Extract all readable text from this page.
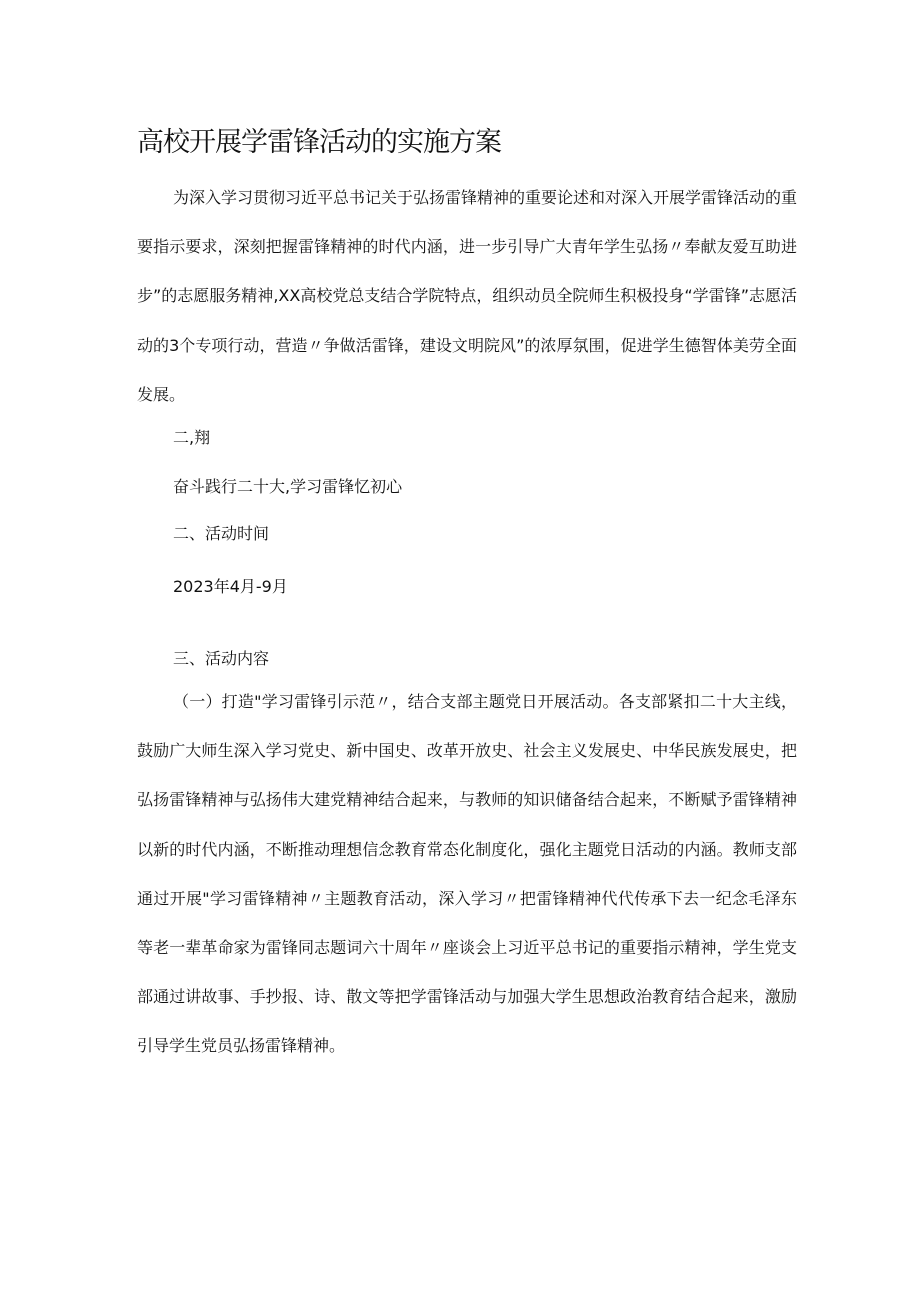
高校开展学雷锋活动的实施方案

为深入学习贯彻习近平总书记关于弘扬雷锋精神的重要论述和对深入开展学雷锋活动的重要指示要求，深刻把握雷锋精神的时代内涵，进一步引导广大青年学生弘扬〃奉献友爱互助进步”的志愿服务精神,XX高校党总支结合学院特点，组织动员全院师生积极投身“学雷锋”志愿活动的3个专项行动，营造〃争做活雷锋，建设文明院风”的浓厚氛围，促进学生德智体美劳全面发展。

二,翔

奋斗践行二十大,学习雷锋忆初心

二、活动时间

2023年4月-9月

三、活动内容

（一）打造"学习雷锋引示范〃，结合支部主题党日开展活动。各支部紧扣二十大主线，鼓励广大师生深入学习党史、新中国史、改革开放史、社会主义发展史、中华民族发展史，把弘扬雷锋精神与弘扬伟大建党精神结合起来，与教师的知识储备结合起来，不断赋予雷锋精神以新的时代内涵，不断推动理想信念教育常态化制度化，强化主题党日活动的内涵。教师支部通过开展"学习雷锋精神〃主题教育活动，深入学习〃把雷锋精神代代传承下去一纪念毛泽东等老一辈革命家为雷锋同志题词六十周年〃座谈会上习近平总书记的重要指示精神，学生党支部通过讲故事、手抄报、诗、散文等把学雷锋活动与加强大学生思想政治教育结合起来，激励引导学生党员弘扬雷锋精神。
